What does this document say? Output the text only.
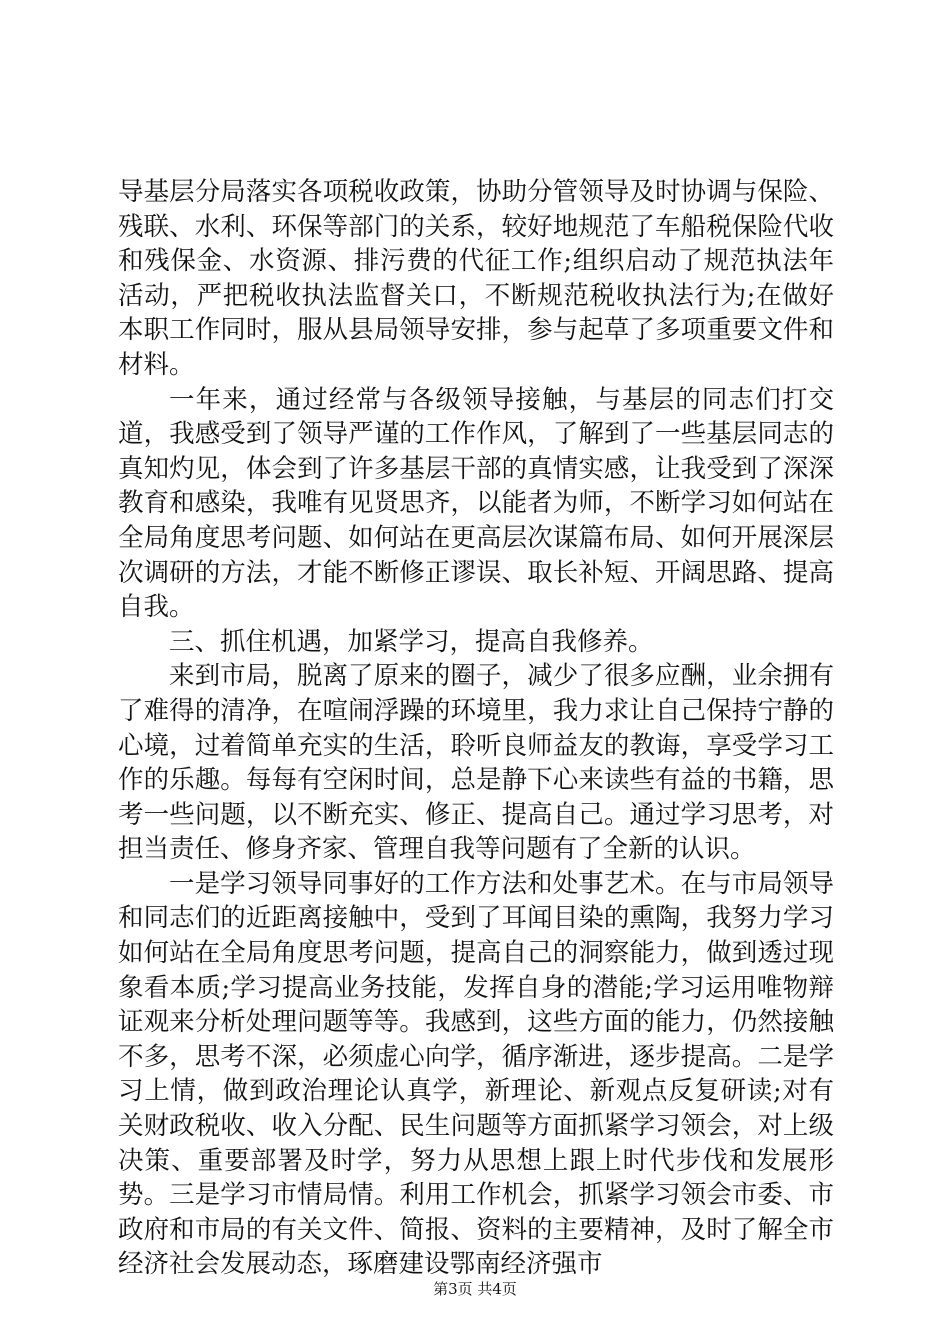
导基层分局落实各项税收政策，协助分管领导及时协调与保险、残联、水利、环保等部门的关系，较好地规范了车船税保险代收和残保金、水资源、排污费的代征工作;组织启动了规范执法年活动，严把税收执法监督关口，不断规范税收执法行为;在做好本职工作同时，服从县局领导安排，参与起草了多项重要文件和材料。

一年来，通过经常与各级领导接触，与基层的同志们打交道，我感受到了领导严谨的工作作风，了解到了一些基层同志的真知灼见，体会到了许多基层干部的真情实感，让我受到了深深教育和感染，我唯有见贤思齐，以能者为师，不断学习如何站在全局角度思考问题、如何站在更高层次谋篇布局、如何开展深层次调研的方法，才能不断修正谬误、取长补短、开阔思路、提高自我。

三、抓住机遇，加紧学习，提高自我修养。

来到市局，脱离了原来的圈子，减少了很多应酬，业余拥有了难得的清净，在喧闹浮躁的环境里，我力求让自己保持宁静的心境，过着简单充实的生活，聆听良师益友的教诲，享受学习工作的乐趣。每每有空闲时间，总是静下心来读些有益的书籍，思考一些问题，以不断充实、修正、提高自己。通过学习思考，对担当责任、修身齐家、管理自我等问题有了全新的认识。

一是学习领导同事好的工作方法和处事艺术。在与市局领导和同志们的近距离接触中，受到了耳闻目染的熏陶，我努力学习如何站在全局角度思考问题，提高自己的洞察能力，做到透过现象看本质;学习提高业务技能，发挥自身的潜能;学习运用唯物辩证观来分析处理问题等等。我感到，这些方面的能力，仍然接触不多，思考不深，必须虚心向学，循序渐进，逐步提高。二是学习上情，做到政治理论认真学，新理论、新观点反复研读;对有关财政税收、收入分配、民生问题等方面抓紧学习领会，对上级决策、重要部署及时学，努力从思想上跟上时代步伐和发展形势。三是学习市情局情。利用工作机会，抓紧学习领会市委、市政府和市局的有关文件、简报、资料的主要精神，及时了解全市经济社会发展动态，琢磨建设鄂南经济强市

第3页 共4页
